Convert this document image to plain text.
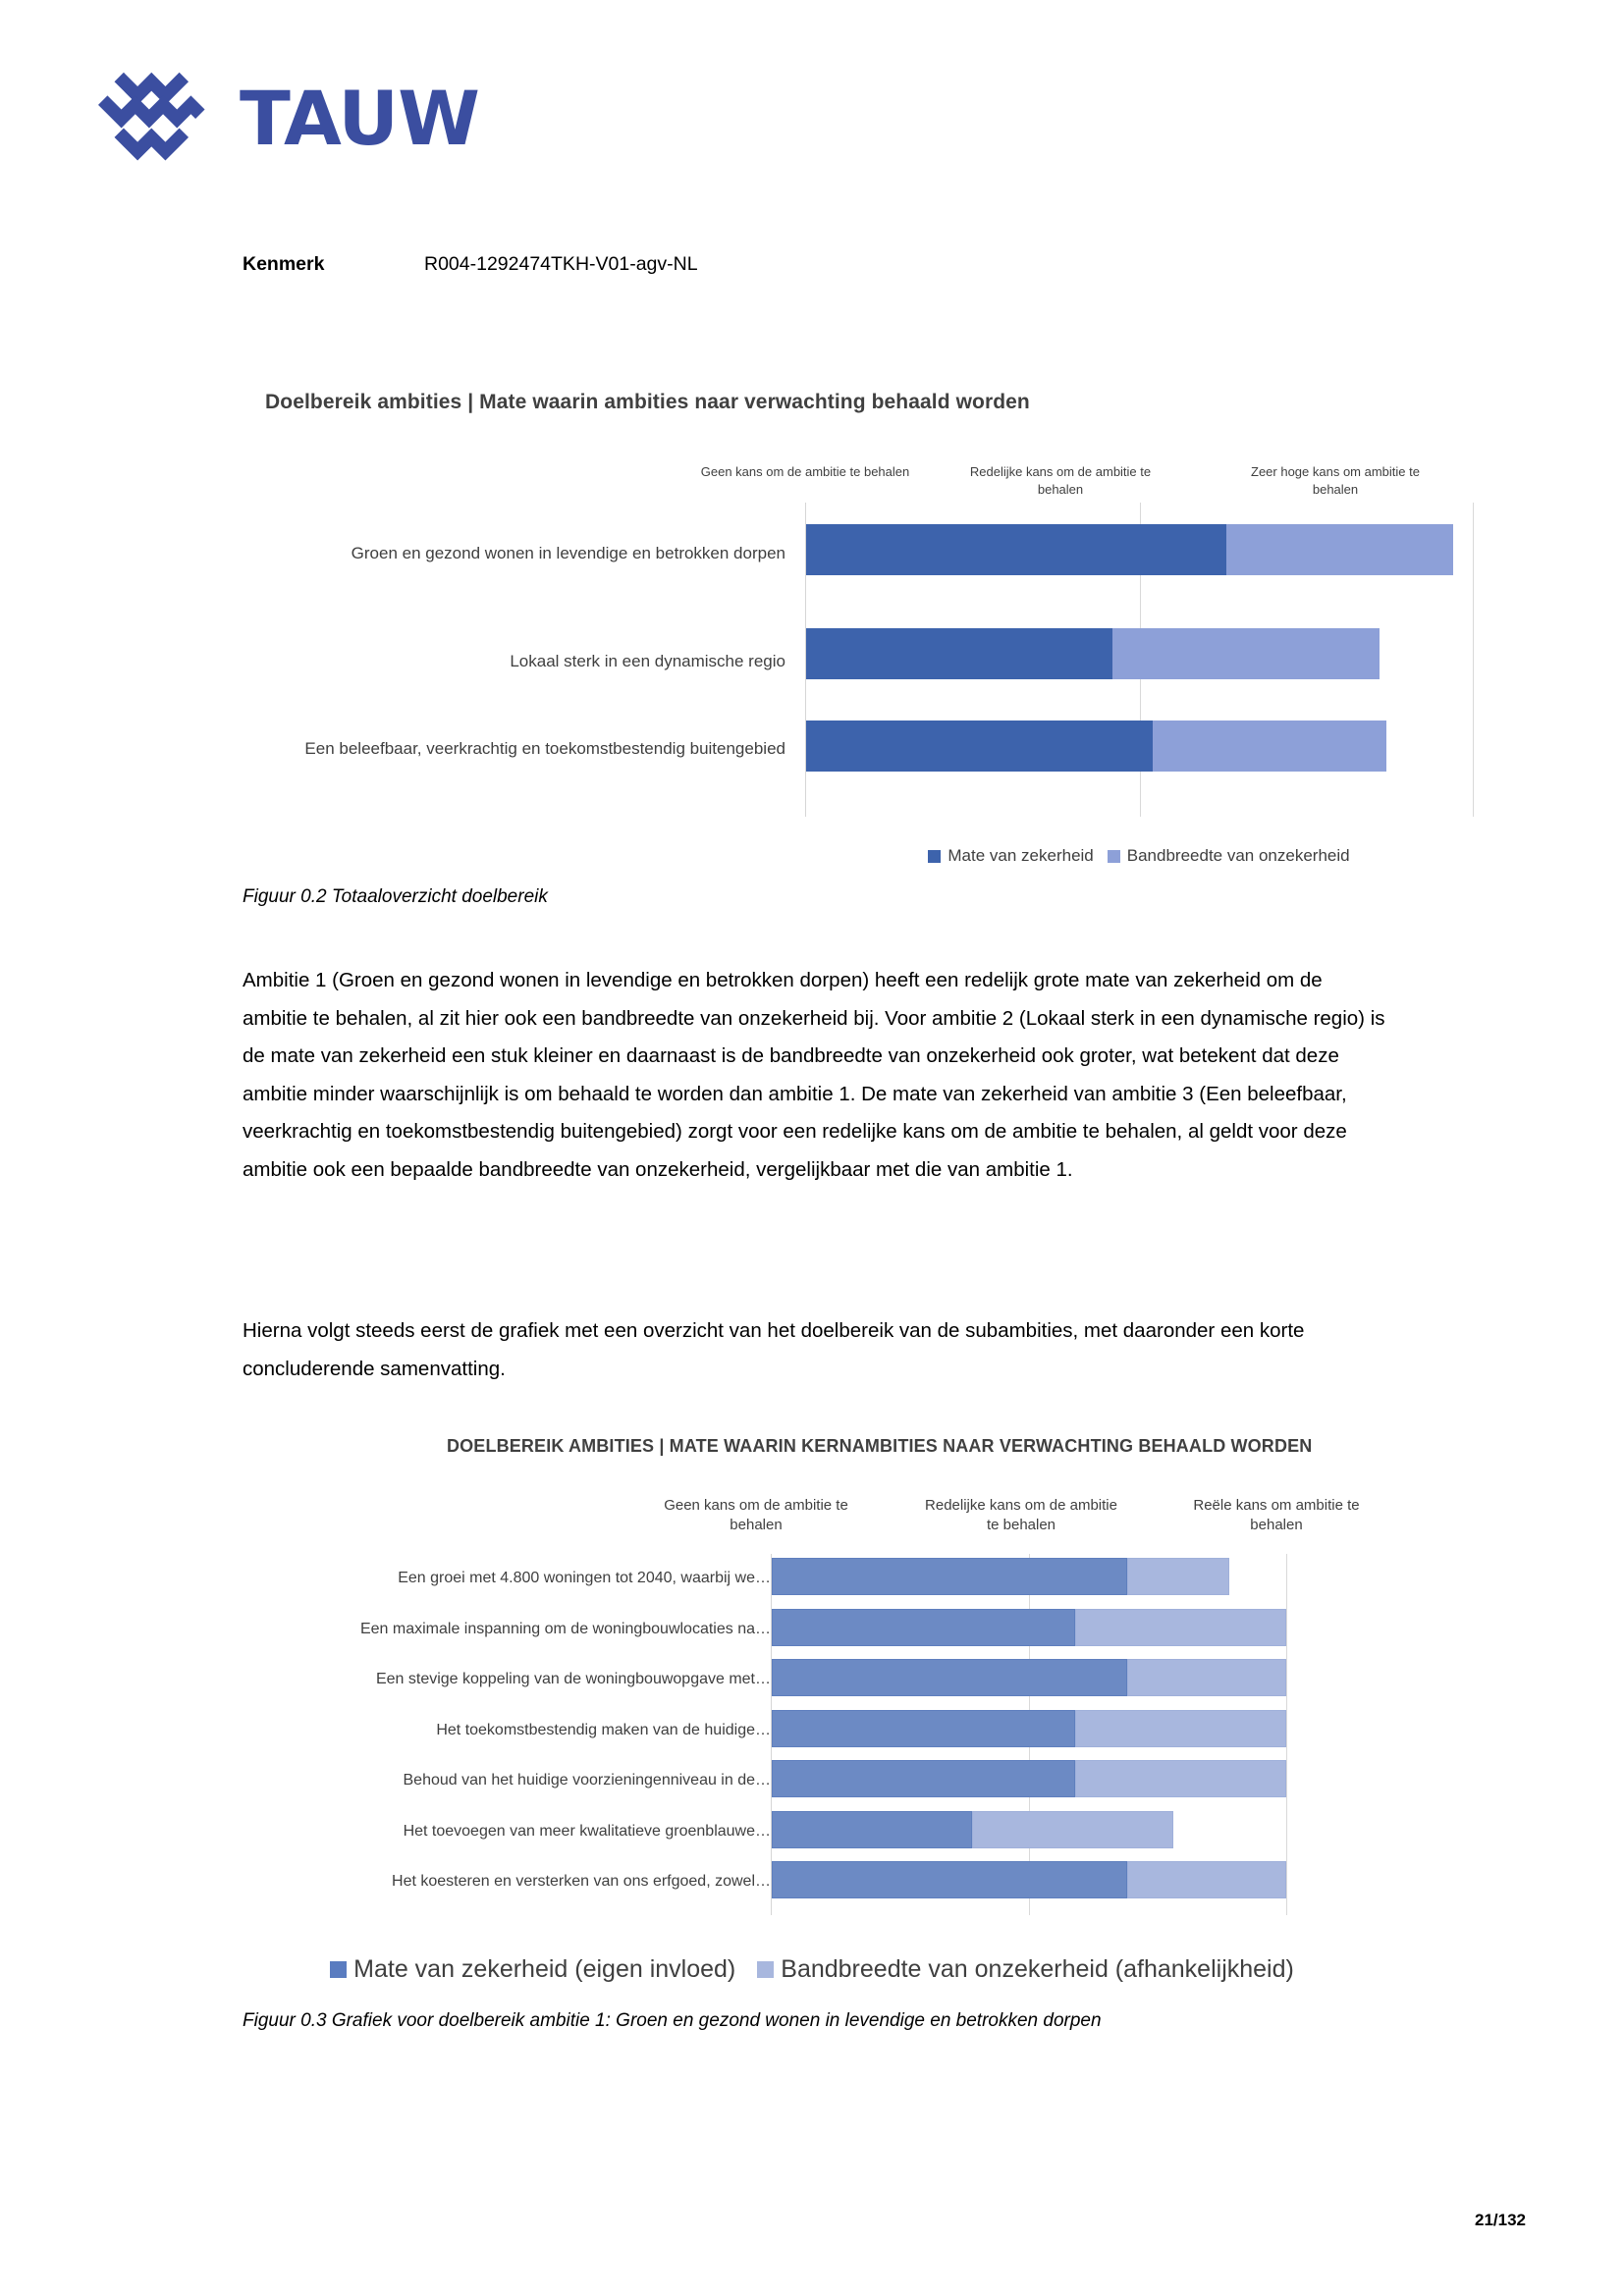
TAUW
Kenmerk	R004-1292474TKH-V01-agv-NL
Doelbereik ambities | Mate waarin ambities naar verwachting behaald worden
Geen kans om de ambitie te behalen	Redelijke kans om de ambitie te behalen
Zeer hoge kans om ambitie te behalen
Groen en gezond wonen in levendige en betrokken dorpen
Lokaal sterk in een dynamische regio
Een beleefbaar, veerkrachtig en toekomstbestendig buitengebied
Mate van zekerheid Bandbreedte van onzekerheid
Figuur 0.2 Totaaloverzicht doelbereik
Ambitie 1 (Groen en gezond wonen in levendige en betrokken dorpen) heeft een redelijk grote mate van zekerheid om de ambitie te behalen, al zit hier ook een bandbreedte van onzekerheid bij. Voor ambitie 2 (Lokaal sterk in een dynamische regio) is de mate van zekerheid een stuk kleiner en daarnaast is de bandbreedte van onzekerheid ook groter, wat betekent dat deze ambitie minder waarschijnlijk is om behaald te worden dan ambitie 1. De mate van zekerheid van ambitie 3 (Een beleefbaar, veerkrachtig en toekomstbestendig buitengebied) zorgt voor een redelijke kans om de ambitie te behalen, al geldt voor deze ambitie ook een bepaalde bandbreedte van onzekerheid, vergelijkbaar met die van ambitie 1.
Hierna volgt steeds eerst de grafiek met een overzicht van het doelbereik van de subambities, met daaronder een korte concluderende samenvatting.
DOELBEREIK AMBITIES | MATE WAARIN KERNAMBITIES NAAR VERWACHTING BEHAALD WORDEN
Geen kans om de ambitie te behalen
Redelijke kans om de ambitie te behalen
Reële kans om ambitie te behalen
Een groei met 4.800 woningen tot 2040, waarbij we…
Een maximale inspanning om de woningbouwlocaties na…
Een stevige koppeling van de woningbouwopgave met…
Het toekomstbestendig maken van de huidige…
Behoud van het huidige voorzieningenniveau in de…
Het toevoegen van meer kwalitatieve groenblauwe…
Het koesteren en versterken van ons erfgoed, zowel…
Mate van zekerheid (eigen invloed) Bandbreedte van onzekerheid (afhankelijkheid)
Figuur 0.3 Grafiek voor doelbereik ambitie 1: Groen en gezond wonen in levendige en betrokken dorpen
21/132
